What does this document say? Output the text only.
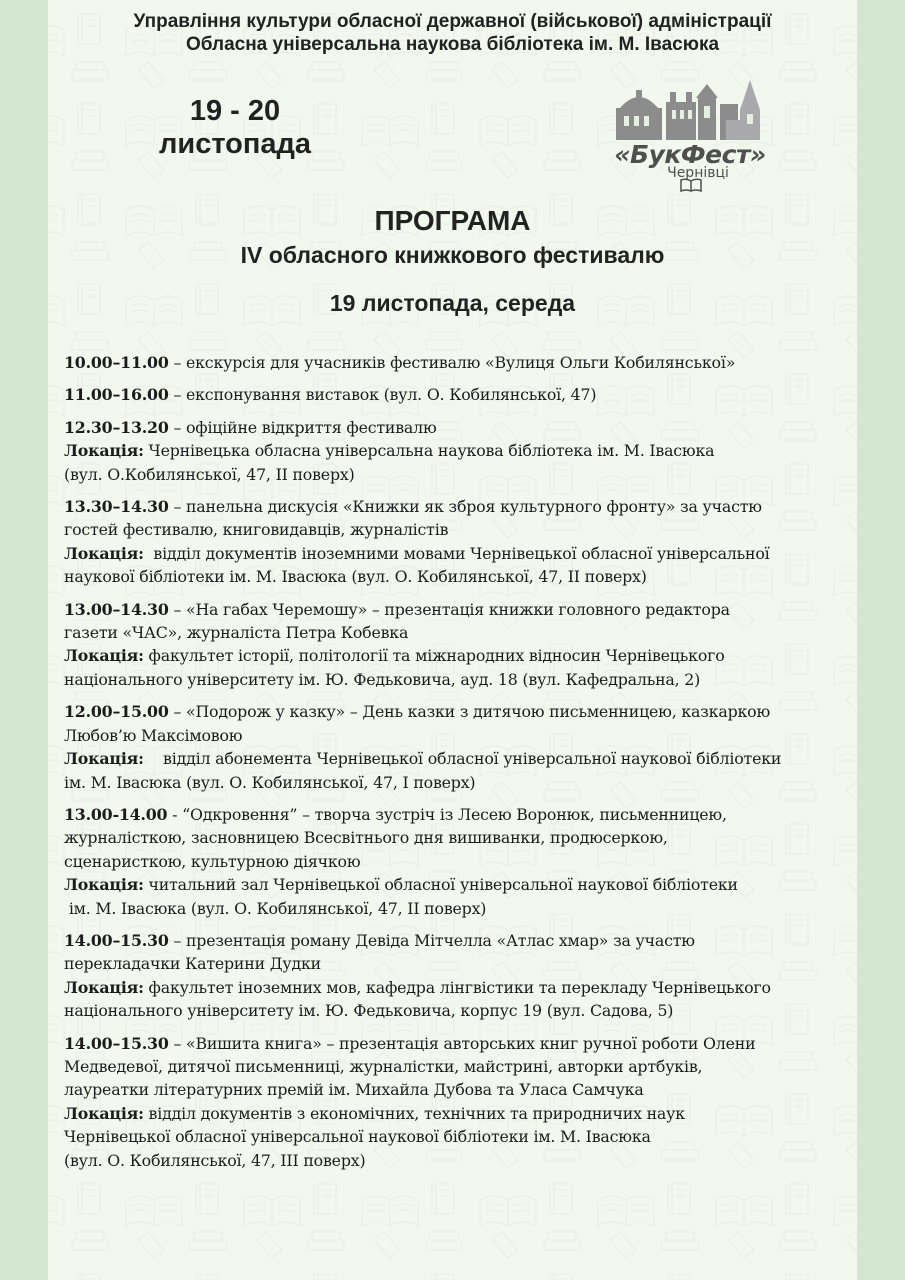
Управління культури обласної державної (військової) адміністрації
Обласна універсальна наукова бібліотека ім. М. Івасюка
19 - 20
листопада	«БукФест»
Чернівці
ПРОГРАМА
IV обласного книжкового фестивалю
19 листопада, середа
10.00–11.00 – екскурсія для учасників фестивалю «Вулиця Ольги Кобилянської»
11.00–16.00 – експонування виставок (вул. О. Кобилянської, 47)
12.30–13.20 – офіційне відкриття фестивалю
Локація: Чернівецька обласна універсальна наукова бібліотека ім. М. Івасюка
(вул. О.Кобилянської, 47, ІІ поверх)
13.30–14.30 – панельна дискусія «Книжки як зброя культурного фронту» за участю
гостей фестивалю, книговидавців, журналістів
Локація:  відділ документів іноземними мовами Чернівецької обласної універсальної
наукової бібліотеки ім. М. Івасюка (вул. О. Кобилянської, 47, ІІ поверх)
13.00–14.30 – «На габах Черемошу» – презентація книжки головного редактора
газети «ЧАС», журналіста Петра Кобевка
Локація: факультет історії, політології та міжнародних відносин Чернівецького
національного університету ім. Ю. Федьковича, ауд. 18 (вул. Кафедральна, 2)
12.00–15.00 – «Подорож у казку» – День казки з дитячою письменницею, казкаркою
Любов’ю Максімовою
Локація:    відділ абонемента Чернівецької обласної універсальної наукової бібліотеки
ім. М. Івасюка (вул. О. Кобилянської, 47, І поверх)
13.00-14.00 - “Одкровення” – творча зустріч із Лесею Воронюк, письменницею,
журналісткою, засновницею Всесвітнього дня вишиванки, продюсеркою,
сценаристкою, культурною діячкою
Локація: читальний зал Чернівецької обласної універсальної наукової бібліотеки
ім. М. Івасюка (вул. О. Кобилянської, 47, ІІ поверх)
14.00–15.30 – презентація роману Девіда Мітчелла «Атлас хмар» за участю
перекладачки Катерини Дудки
Локація: факультет іноземних мов, кафедра лінгвістики та перекладу Чернівецького
національного університету ім. Ю. Федьковича, корпус 19 (вул. Садова, 5)
14.00–15.30 – «Вишита книга» – презентація авторських книг ручної роботи Олени
Медведевої, дитячої письменниці, журналістки, майстрині, авторки артбуків,
лауреатки літературних премій ім. Михайла Дубова та Уласа Самчука
Локація: відділ документів з економічних, технічних та природничих наук
Чернівецької обласної універсальної наукової бібліотеки ім. М. Івасюка
(вул. О. Кобилянської, 47, ІІІ поверх)
